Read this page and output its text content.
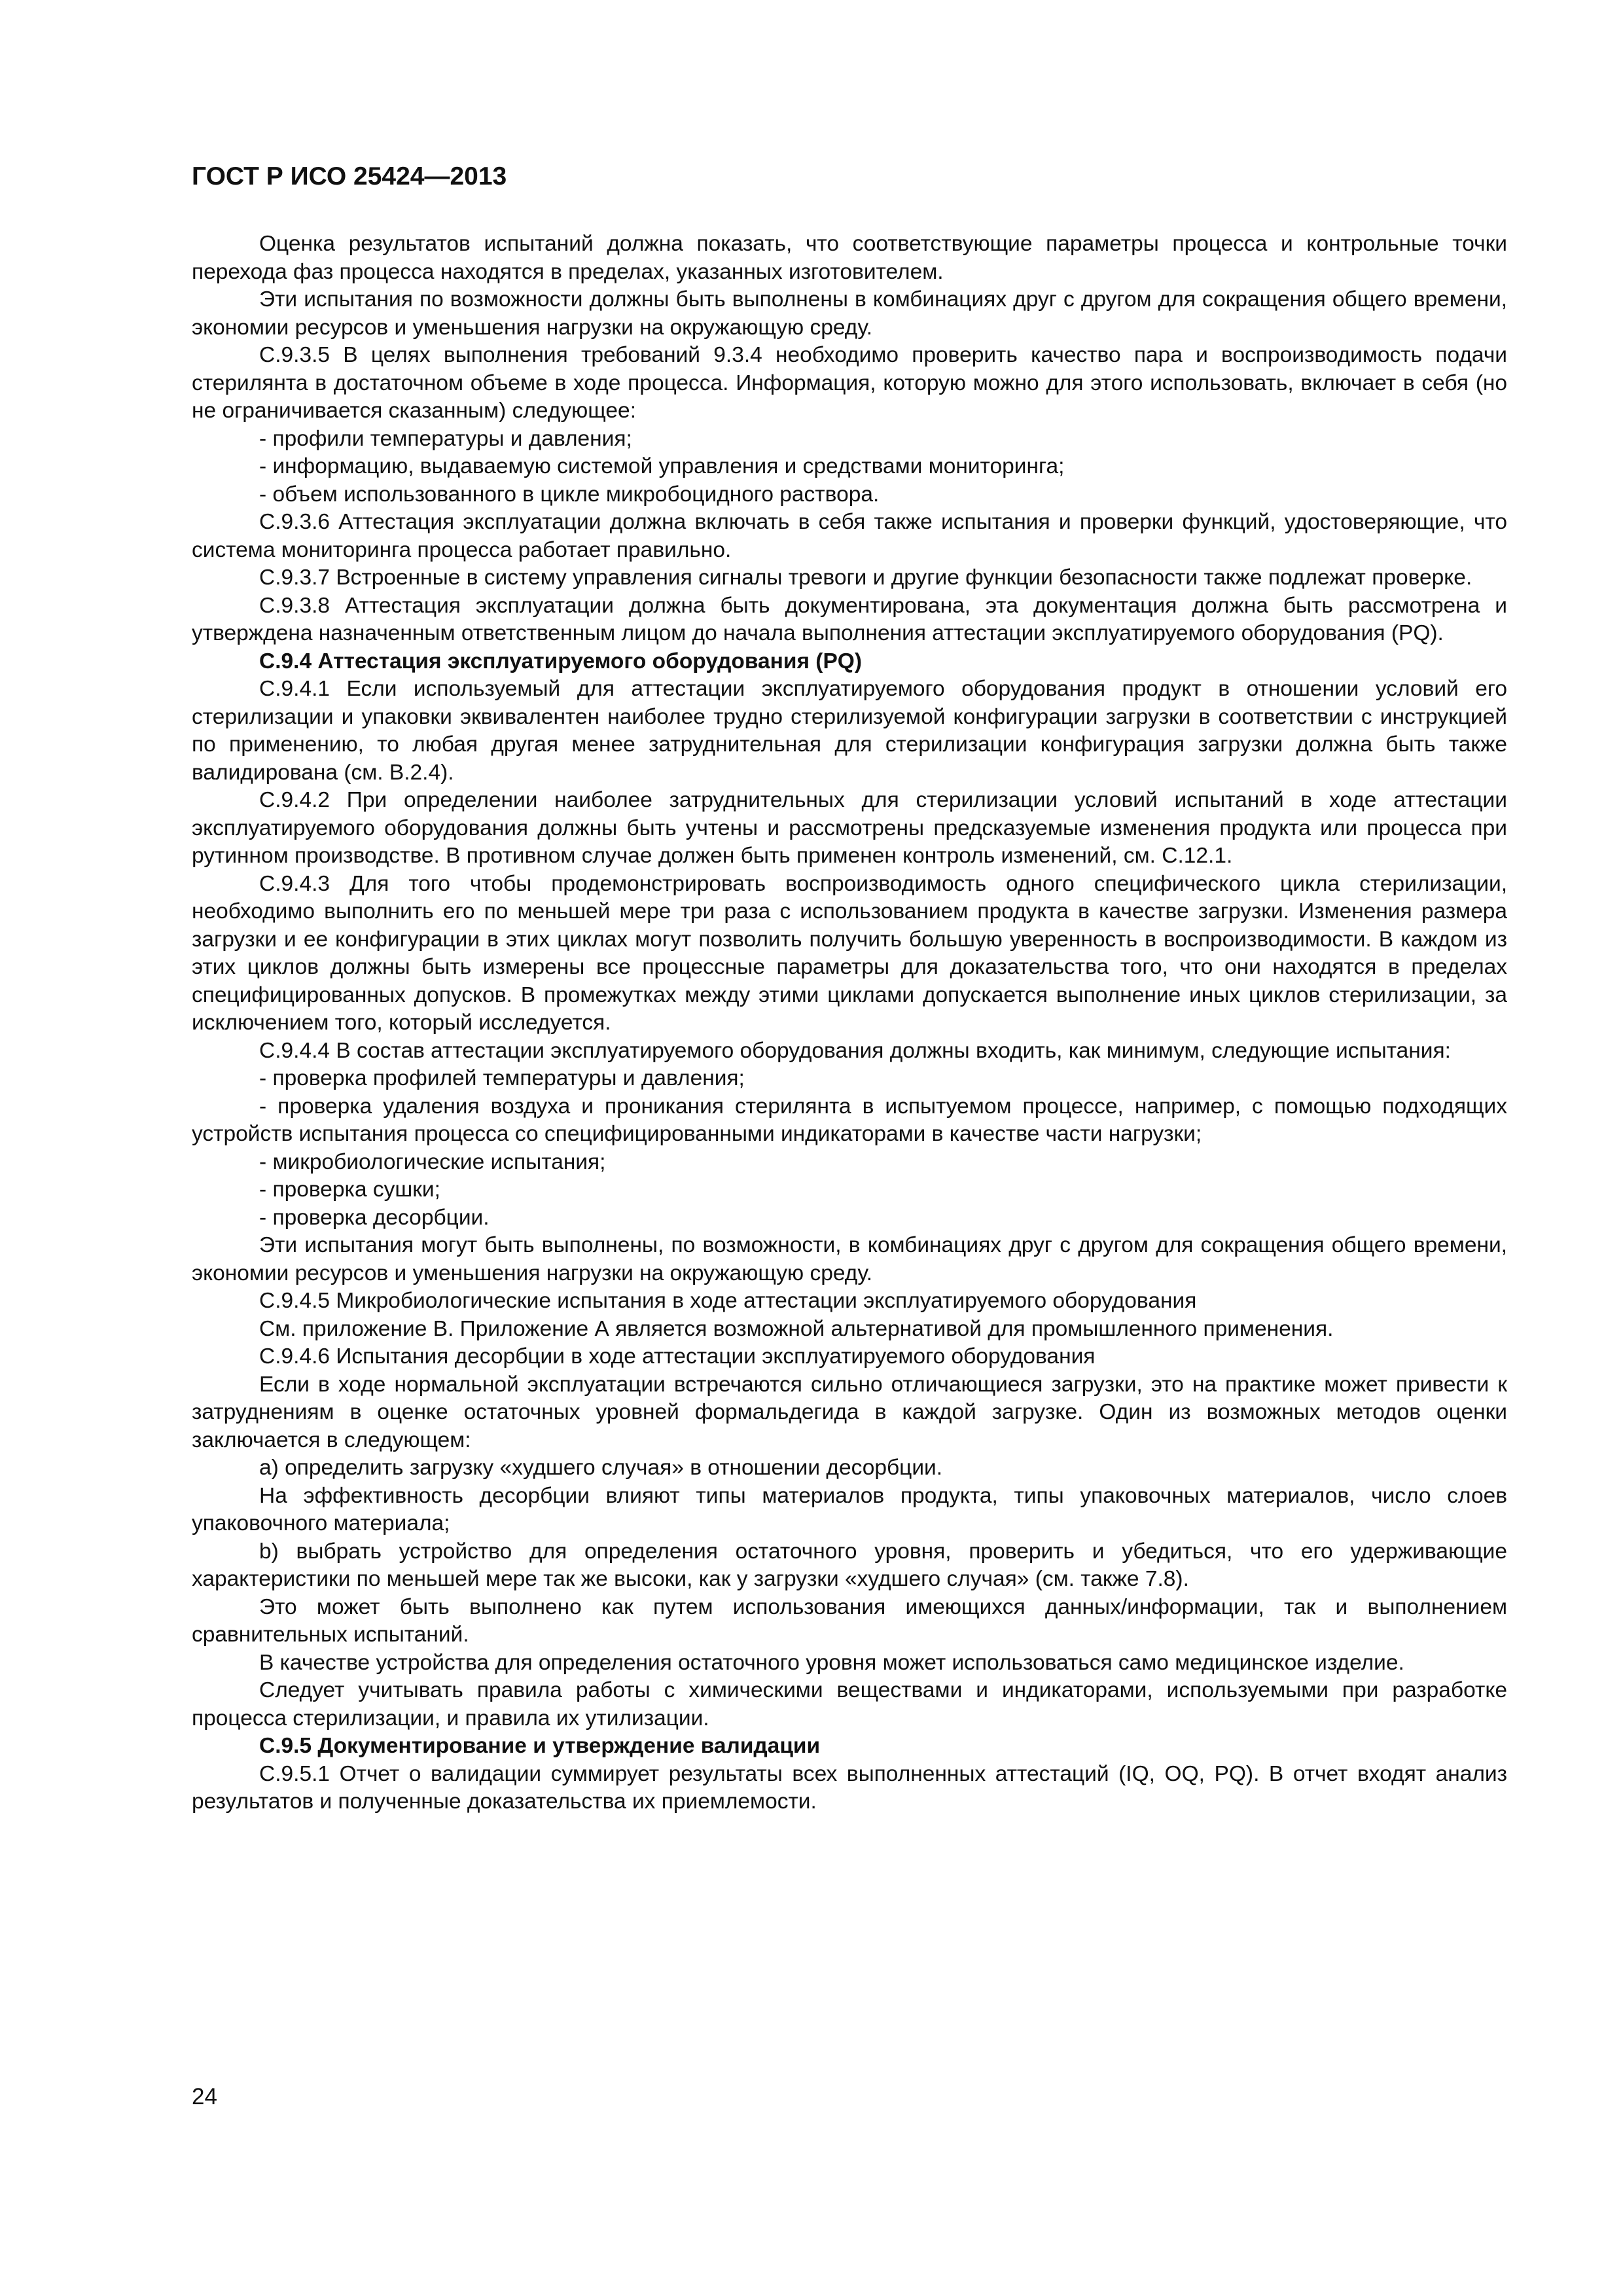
ГОСТ Р ИСО 25424—2013

Оценка результатов испытаний должна показать, что соответствующие параметры процесса и контрольные точки перехода фаз процесса находятся в пределах, указанных изготовителем.

Эти испытания по возможности должны быть выполнены в комбинациях друг с другом для сокращения общего времени, экономии ресурсов и уменьшения нагрузки на окружающую среду.

С.9.3.5 В целях выполнения требований 9.3.4 необходимо проверить качество пара и воспроизводимость подачи стерилянта в достаточном объеме в ходе процесса. Информация, которую можно для этого использовать, включает в себя (но не ограничивается сказанным) следующее:

- профили температуры и давления;

- информацию, выдаваемую системой управления и средствами мониторинга;

- объем использованного в цикле микробоцидного раствора.

С.9.3.6 Аттестация эксплуатации должна включать в себя также испытания и проверки функций, удостоверяющие, что система мониторинга процесса работает правильно.

С.9.3.7 Встроенные в систему управления сигналы тревоги и другие функции безопасности также подлежат проверке.

С.9.3.8 Аттестация эксплуатации должна быть документирована, эта документация должна быть рассмотрена и утверждена назначенным ответственным лицом до начала выполнения аттестации эксплуатируемого оборудования (PQ).

С.9.4 Аттестация эксплуатируемого оборудования (PQ)

С.9.4.1 Если используемый для аттестации эксплуатируемого оборудования продукт в отношении условий его стерилизации и упаковки эквивалентен наиболее трудно стерилизуемой конфигурации загрузки в соответствии с инструкцией по применению, то любая другая менее затруднительная для стерилизации конфигурация загрузки должна быть также валидирована (см. В.2.4).

С.9.4.2 При определении наиболее затруднительных для стерилизации условий испытаний в ходе аттестации эксплуатируемого оборудования должны быть учтены и рассмотрены предсказуемые изменения продукта или процесса при рутинном производстве. В противном случае должен быть применен контроль изменений, см. С.12.1.

С.9.4.3 Для того чтобы продемонстрировать воспроизводимость одного специфического цикла стерилизации, необходимо выполнить его по меньшей мере три раза с использованием продукта в качестве загрузки. Изменения размера загрузки и ее конфигурации в этих циклах могут позволить получить большую уверенность в воспроизводимости. В каждом из этих циклов должны быть измерены все процессные параметры для доказательства того, что они находятся в пределах специфицированных допусков. В промежутках между этими циклами допускается выполнение иных циклов стерилизации, за исключением того, который исследуется.

С.9.4.4 В состав аттестации эксплуатируемого оборудования должны входить, как минимум, следующие испытания:

- проверка профилей температуры и давления;

- проверка удаления воздуха и проникания стерилянта в испытуемом процессе, например, с помощью подходящих устройств испытания процесса со специфицированными индикаторами в качестве части нагрузки;

- микробиологические испытания;

- проверка сушки;

- проверка десорбции.

Эти испытания могут быть выполнены, по возможности, в комбинациях друг с другом для сокращения общего времени, экономии ресурсов и уменьшения нагрузки на окружающую среду.

С.9.4.5 Микробиологические испытания в ходе аттестации эксплуатируемого оборудования

См. приложение В. Приложение А является возможной альтернативой для промышленного применения.

С.9.4.6 Испытания десорбции в ходе аттестации эксплуатируемого оборудования

Если в ходе нормальной эксплуатации встречаются сильно отличающиеся загрузки, это на практике может привести к затруднениям в оценке остаточных уровней формальдегида в каждой загрузке. Один из возможных методов оценки заключается в следующем:

а) определить загрузку «худшего случая» в отношении десорбции.

На эффективность десорбции влияют типы материалов продукта, типы упаковочных материалов, число слоев упаковочного материала;

b) выбрать устройство для определения остаточного уровня, проверить и убедиться, что его удерживающие характеристики по меньшей мере так же высоки, как у загрузки «худшего случая» (см. также 7.8).

Это может быть выполнено как путем использования имеющихся данных/информации, так и выполнением сравнительных испытаний.

В качестве устройства для определения остаточного уровня может использоваться само медицинское изделие.

Следует учитывать правила работы с химическими веществами и индикаторами, используемыми при разработке процесса стерилизации, и правила их утилизации.

С.9.5 Документирование и утверждение валидации

С.9.5.1 Отчет о валидации суммирует результаты всех выполненных аттестаций (IQ, OQ, PQ). В отчет входят анализ результатов и полученные доказательства их приемлемости.

24
